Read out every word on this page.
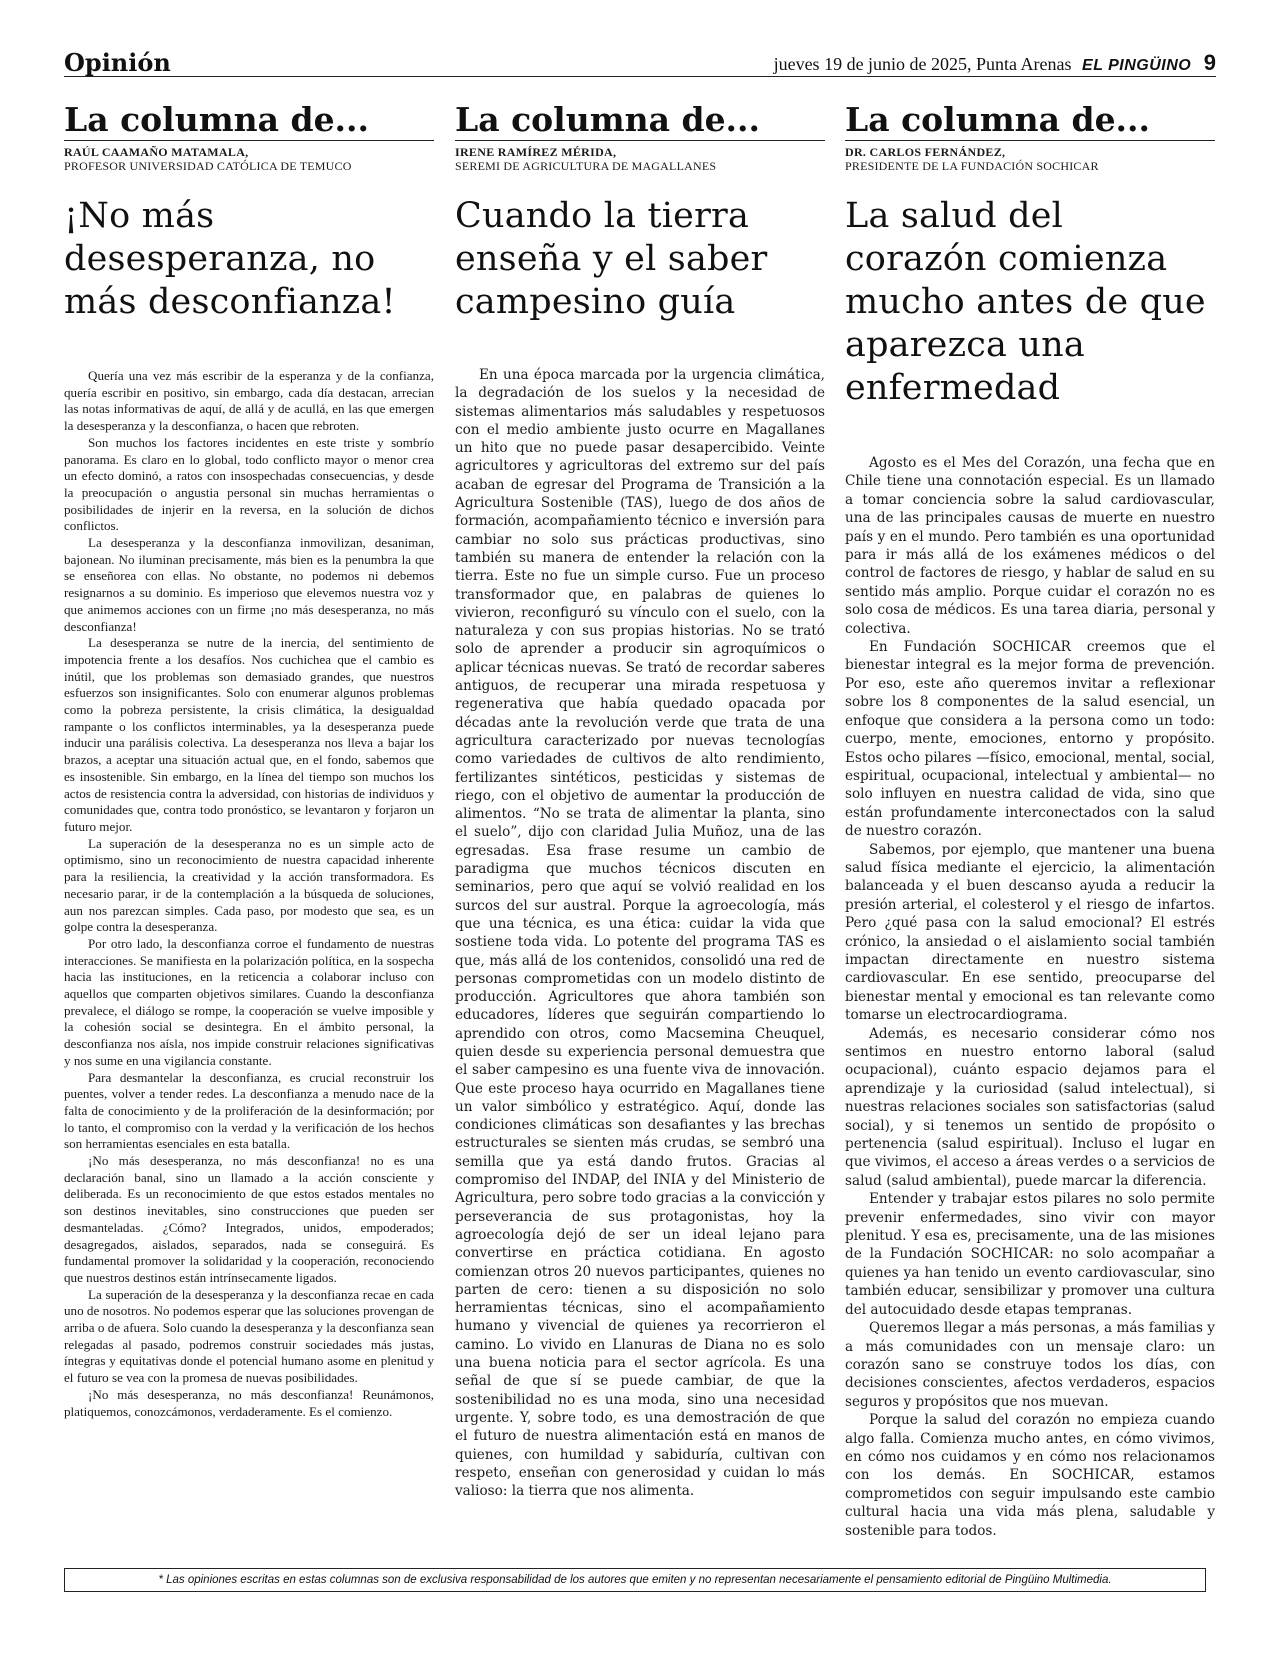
Opinión	jueves 19 de junio de 2025, Punta Arenas EL PINGÜINO 9
La columna de...
RAÚL CAAMAÑO MATAMALA,
PROFESOR UNIVERSIDAD CATÓLICA DE TEMUCO
¡No más desesperanza, no más desconfianza!

Quería una vez más escribir de la esperanza y de la confianza, quería escribir en positivo, sin embargo, cada día destacan, arrecian las notas informativas de aquí, de allá y de acullá, en las que emergen la desesperanza y la desconfianza, o hacen que rebroten.

Son muchos los factores incidentes en este triste y sombrío panorama. Es claro en lo global, todo conflicto mayor o menor crea un efecto dominó, a ratos con insospechadas consecuencias, y desde la preocupación o angustia personal sin muchas herramientas o posibilidades de injerir en la reversa, en la solución de dichos conflictos.

La desesperanza y la desconfianza inmovilizan, desaniman, bajonean. No iluminan precisamente, más bien es la penumbra la que se enseñorea con ellas. No obstante, no podemos ni debemos resignarnos a su dominio. Es imperioso que elevemos nuestra voz y que animemos acciones con un firme ¡no más desesperanza, no más desconfianza!

La desesperanza se nutre de la inercia, del sentimiento de impotencia frente a los desafíos. Nos cuchichea que el cambio es inútil, que los problemas son demasiado grandes, que nuestros esfuerzos son insignificantes. Solo con enumerar algunos problemas como la pobreza persistente, la crisis climática, la desigualdad rampante o los conflictos interminables, ya la desesperanza puede inducir una parálisis colectiva. La desesperanza nos lleva a bajar los brazos, a aceptar una situación actual que, en el fondo, sabemos que es insostenible. Sin embargo, en la línea del tiempo son muchos los actos de resistencia contra la adversidad, con historias de individuos y comunidades que, contra todo pronóstico, se levantaron y forjaron un futuro mejor.

La superación de la desesperanza no es un simple acto de optimismo, sino un reconocimiento de nuestra capacidad inherente para la resiliencia, la creatividad y la acción transformadora. Es necesario parar, ir de la contemplación a la búsqueda de soluciones, aun nos parezcan simples. Cada paso, por modesto que sea, es un golpe contra la desesperanza.

Por otro lado, la desconfianza corroe el fundamento de nuestras interacciones. Se manifiesta en la polarización política, en la sospecha hacia las instituciones, en la reticencia a colaborar incluso con aquellos que comparten objetivos similares. Cuando la desconfianza prevalece, el diálogo se rompe, la cooperación se vuelve imposible y la cohesión social se desintegra. En el ámbito personal, la desconfianza nos aísla, nos impide construir relaciones significativas y nos sume en una vigilancia constante.

Para desmantelar la desconfianza, es crucial reconstruir los puentes, volver a tender redes. La desconfianza a menudo nace de la falta de conocimiento y de la proliferación de la desinformación; por lo tanto, el compromiso con la verdad y la verificación de los hechos son herramientas esenciales en esta batalla.

¡No más desesperanza, no más desconfianza! no es una declaración banal, sino un llamado a la acción consciente y deliberada. Es un reconocimiento de que estos estados mentales no son destinos inevitables, sino construcciones que pueden ser desmanteladas. ¿Cómo? Integrados, unidos, empoderados; desagregados, aislados, separados, nada se conseguirá. Es fundamental promover la solidaridad y la cooperación, reconociendo que nuestros destinos están intrínsecamente ligados.

La superación de la desesperanza y la desconfianza recae en cada uno de nosotros. No podemos esperar que las soluciones provengan de arriba o de afuera. Solo cuando la desesperanza y la desconfianza sean relegadas al pasado, podremos construir sociedades más justas, íntegras y equitativas donde el potencial humano asome en plenitud y el futuro se vea con la promesa de nuevas posibilidades.

¡No más desesperanza, no más desconfianza! Reunámonos, platiquemos, conozcámonos, verdaderamente. Es el comienzo.

La columna de...
IRENE RAMÍREZ MÉRIDA,
SEREMI DE AGRICULTURA DE MAGALLANES
Cuando la tierra enseña y el saber campesino guía

En una época marcada por la urgencia climática, la degradación de los suelos y la necesidad de sistemas alimentarios más saludables y respetuosos con el medio ambiente justo ocurre en Magallanes un hito que no puede pasar desapercibido. Veinte agricultores y agricultoras del extremo sur del país acaban de egresar del Programa de Transición a la Agricultura Sostenible (TAS), luego de dos años de formación, acompañamiento técnico e inversión para cambiar no solo sus prácticas productivas, sino también su manera de entender la relación con la tierra. Este no fue un simple curso. Fue un proceso transformador que, en palabras de quienes lo vivieron, reconfiguró su vínculo con el suelo, con la naturaleza y con sus propias historias. No se trató solo de aprender a producir sin agroquímicos o aplicar técnicas nuevas. Se trató de recordar saberes antiguos, de recuperar una mirada respetuosa y regenerativa que había quedado opacada por décadas ante la revolución verde que trata de una agricultura caracterizado por nuevas tecnologías como variedades de cultivos de alto rendimiento, fertilizantes sintéticos, pesticidas y sistemas de riego, con el objetivo de aumentar la producción de alimentos. “No se trata de alimentar la planta, sino el suelo”, dijo con claridad Julia Muñoz, una de las egresadas. Esa frase resume un cambio de paradigma que muchos técnicos discuten en seminarios, pero que aquí se volvió realidad en los surcos del sur austral. Porque la agroecología, más que una técnica, es una ética: cuidar la vida que sostiene toda vida. Lo potente del programa TAS es que, más allá de los contenidos, consolidó una red de personas comprometidas con un modelo distinto de producción. Agricultores que ahora también son educadores, líderes que seguirán compartiendo lo aprendido con otros, como Macsemina Cheuquel, quien desde su experiencia personal demuestra que el saber campesino es una fuente viva de innovación. Que este proceso haya ocurrido en Magallanes tiene un valor simbólico y estratégico. Aquí, donde las condiciones climáticas son desafiantes y las brechas estructurales se sienten más crudas, se sembró una semilla que ya está dando frutos. Gracias al compromiso del INDAP, del INIA y del Ministerio de Agricultura, pero sobre todo gracias a la convicción y perseverancia de sus protagonistas, hoy la agroecología dejó de ser un ideal lejano para convertirse en práctica cotidiana. En agosto comienzan otros 20 nuevos participantes, quienes no parten de cero: tienen a su disposición no solo herramientas técnicas, sino el acompañamiento humano y vivencial de quienes ya recorrieron el camino. Lo vivido en Llanuras de Diana no es solo una buena noticia para el sector agrícola. Es una señal de que sí se puede cambiar, de que la sostenibilidad no es una moda, sino una necesidad urgente. Y, sobre todo, es una demostración de que el futuro de nuestra alimentación está en manos de quienes, con humildad y sabiduría, cultivan con respeto, enseñan con generosidad y cuidan lo más valioso: la tierra que nos alimenta.

La columna de...
DR. CARLOS FERNÁNDEZ,
PRESIDENTE DE LA FUNDACIÓN SOCHICAR
La salud del corazón comienza mucho antes de que aparezca una enfermedad

Agosto es el Mes del Corazón, una fecha que en Chile tiene una connotación especial. Es un llamado a tomar conciencia sobre la salud cardiovascular, una de las principales causas de muerte en nuestro país y en el mundo. Pero también es una oportunidad para ir más allá de los exámenes médicos o del control de factores de riesgo, y hablar de salud en su sentido más amplio. Porque cuidar el corazón no es solo cosa de médicos. Es una tarea diaria, personal y colectiva.

En Fundación SOCHICAR creemos que el bienestar integral es la mejor forma de prevención. Por eso, este año queremos invitar a reflexionar sobre los 8 componentes de la salud esencial, un enfoque que considera a la persona como un todo: cuerpo, mente, emociones, entorno y propósito. Estos ocho pilares —físico, emocional, mental, social, espiritual, ocupacional, intelectual y ambiental— no solo influyen en nuestra calidad de vida, sino que están profundamente interconectados con la salud de nuestro corazón.

Sabemos, por ejemplo, que mantener una buena salud física mediante el ejercicio, la alimentación balanceada y el buen descanso ayuda a reducir la presión arterial, el colesterol y el riesgo de infartos. Pero ¿qué pasa con la salud emocional? El estrés crónico, la ansiedad o el aislamiento social también impactan directamente en nuestro sistema cardiovascular. En ese sentido, preocuparse del bienestar mental y emocional es tan relevante como tomarse un electrocardiograma.

Además, es necesario considerar cómo nos sentimos en nuestro entorno laboral (salud ocupacional), cuánto espacio dejamos para el aprendizaje y la curiosidad (salud intelectual), si nuestras relaciones sociales son satisfactorias (salud social), y si tenemos un sentido de propósito o pertenencia (salud espiritual). Incluso el lugar en que vivimos, el acceso a áreas verdes o a servicios de salud (salud ambiental), puede marcar la diferencia.

Entender y trabajar estos pilares no solo permite prevenir enfermedades, sino vivir con mayor plenitud. Y esa es, precisamente, una de las misiones de la Fundación SOCHICAR: no solo acompañar a quienes ya han tenido un evento cardiovascular, sino también educar, sensibilizar y promover una cultura del autocuidado desde etapas tempranas.

Queremos llegar a más personas, a más familias y a más comunidades con un mensaje claro: un corazón sano se construye todos los días, con decisiones conscientes, afectos verdaderos, espacios seguros y propósitos que nos muevan.

Porque la salud del corazón no empieza cuando algo falla. Comienza mucho antes, en cómo vivimos, en cómo nos cuidamos y en cómo nos relacionamos con los demás. En SOCHICAR, estamos comprometidos con seguir impulsando este cambio cultural hacia una vida más plena, saludable y sostenible para todos.

* Las opiniones escritas en estas columnas son de exclusiva responsabilidad de los autores que emiten y no representan necesariamente el pensamiento editorial de Pingüino Multimedia.
